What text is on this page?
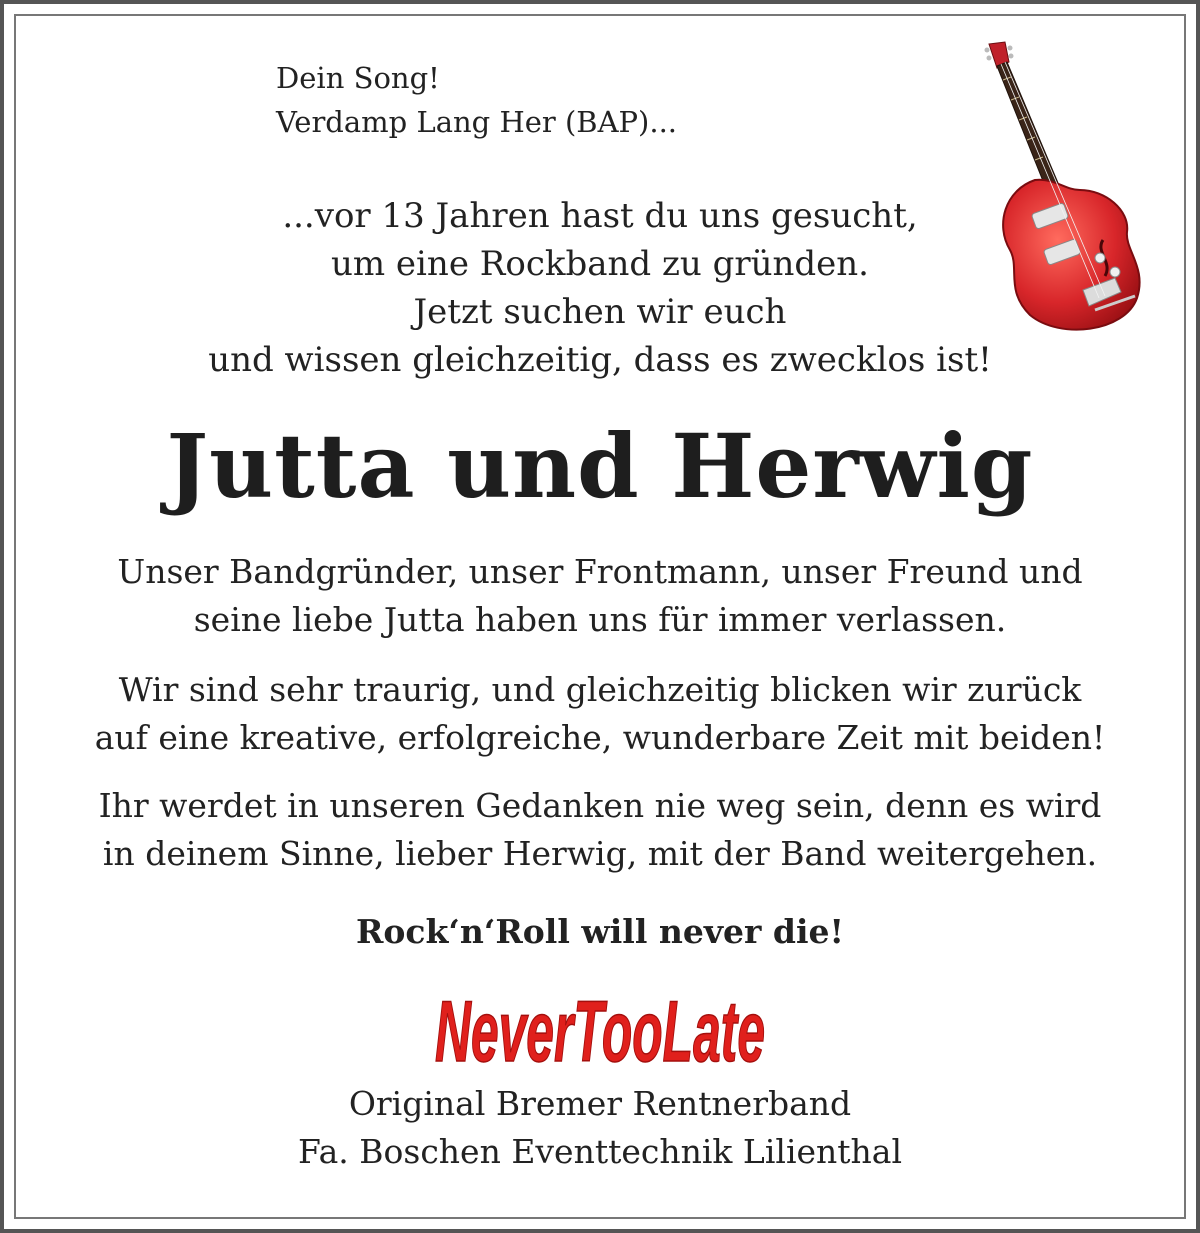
Dein Song!
Verdamp Lang Her (BAP)...
...vor 13 Jahren hast du uns gesucht,
um eine Rockband zu gründen.
Jetzt suchen wir euch
und wissen gleichzeitig, dass es zwecklos ist!
Jutta und Herwig
Unser Bandgründer, unser Frontmann, unser Freund und
seine liebe Jutta haben uns für immer verlassen.
Wir sind sehr traurig, und gleichzeitig blicken wir zurück
auf eine kreative, erfolgreiche, wunderbare Zeit mit beiden!
Ihr werdet in unseren Gedanken nie weg sein, denn es wird
in deinem Sinne, lieber Herwig, mit der Band weitergehen.
Rock‘n‘Roll will never die!
NeverTooLate
Original Bremer Rentnerband
Fa. Boschen Eventtechnik Lilienthal
